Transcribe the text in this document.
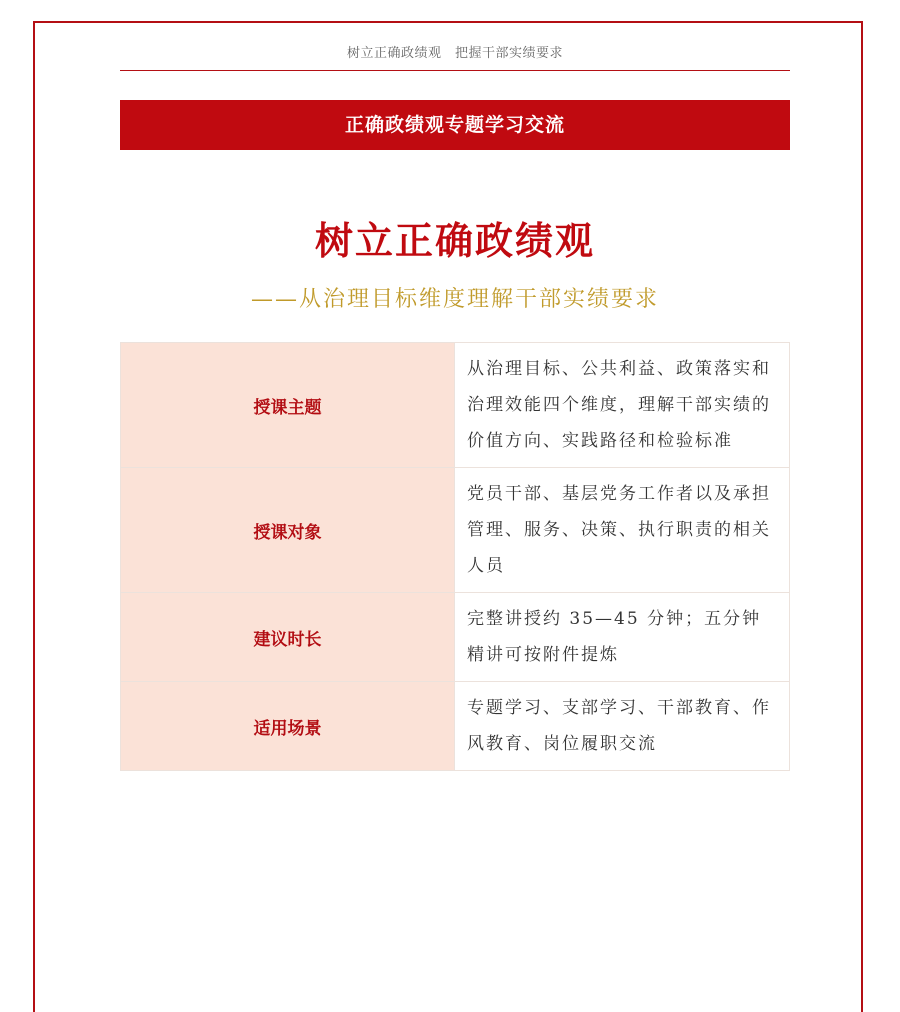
树立正确政绩观　把握干部实绩要求
正确政绩观专题学习交流
树立正确政绩观
——从治理目标维度理解干部实绩要求
授课主题	从治理目标、公共利益、政策落实和治理效能四个维度，理解干部实绩的价值方向、实践路径和检验标准
授课对象	党员干部、基层党务工作者以及承担管理、服务、决策、执行职责的相关人员
建议时长	完整讲授约 35—45 分钟；五分钟精讲可按附件提炼
适用场景	专题学习、支部学习、干部教育、作风教育、岗位履职交流
